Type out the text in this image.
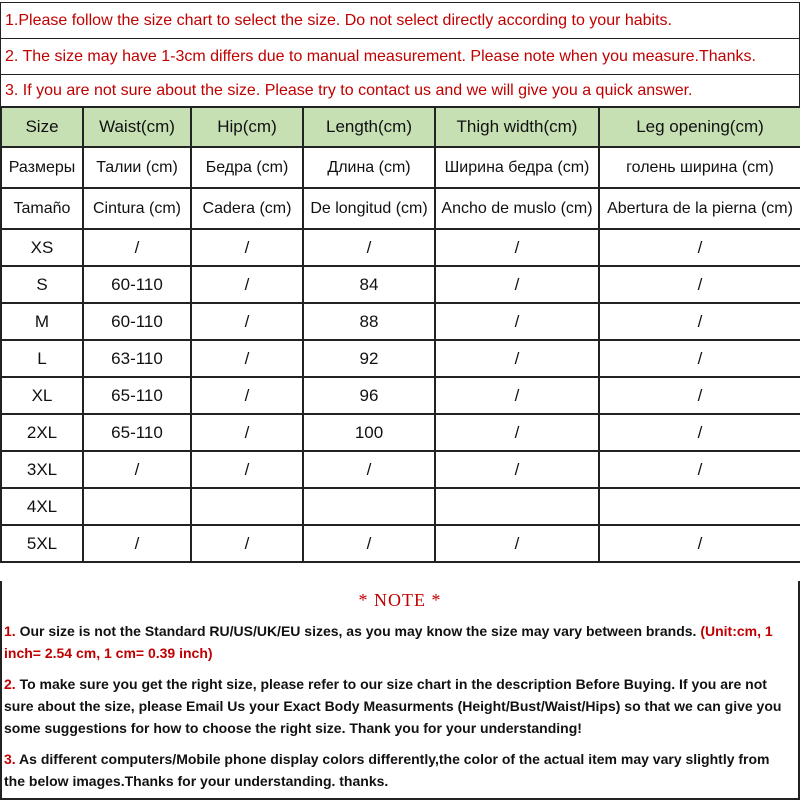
1.Please follow the size chart to select the size. Do not select directly according to your habits.
2. The size may have 1-3cm differs due to manual measurement. Please note when you measure.Thanks.
3. If you are not sure about the size. Please try to contact us and we will give you a quick answer.
Size	Waist(cm)	Hip(cm)	Length(cm)	Thigh width(cm)	Leg opening(cm)
Размеры	Талии (cm)	Бедра (cm)	Длина (cm)	Ширина бедра (cm)	голень ширина (cm)
Tamaño	Cintura (cm)	Cadera (cm)	De longitud (cm)	Ancho de muslo (cm)	Abertura de la pierna (cm)
XS	/	/	/	/	/
S	60-110	/	84	/	/
M	60-110	/	88	/	/
L	63-110	/	92	/	/
XL	65-110	/	96	/	/
2XL	65-110	/	100	/	/
3XL	/	/	/	/	/
4XL					
5XL	/	/	/	/	/
* NOTE *
1. Our size is not the Standard RU/US/UK/EU sizes, as you may know the size may vary between brands. (Unit:cm, 1 inch= 2.54 cm, 1 cm= 0.39 inch)
2. To make sure you get the right size, please refer to our size chart in the description Before Buying. If you are not sure about the size, please Email Us your Exact Body Measurments (Height/Bust/Waist/Hips) so that we can give you some suggestions for how to choose the right size. Thank you for your understanding!
3. As different computers/Mobile phone display colors differently,the color of the actual item may vary slightly from the below images.Thanks for your understanding. thanks.
